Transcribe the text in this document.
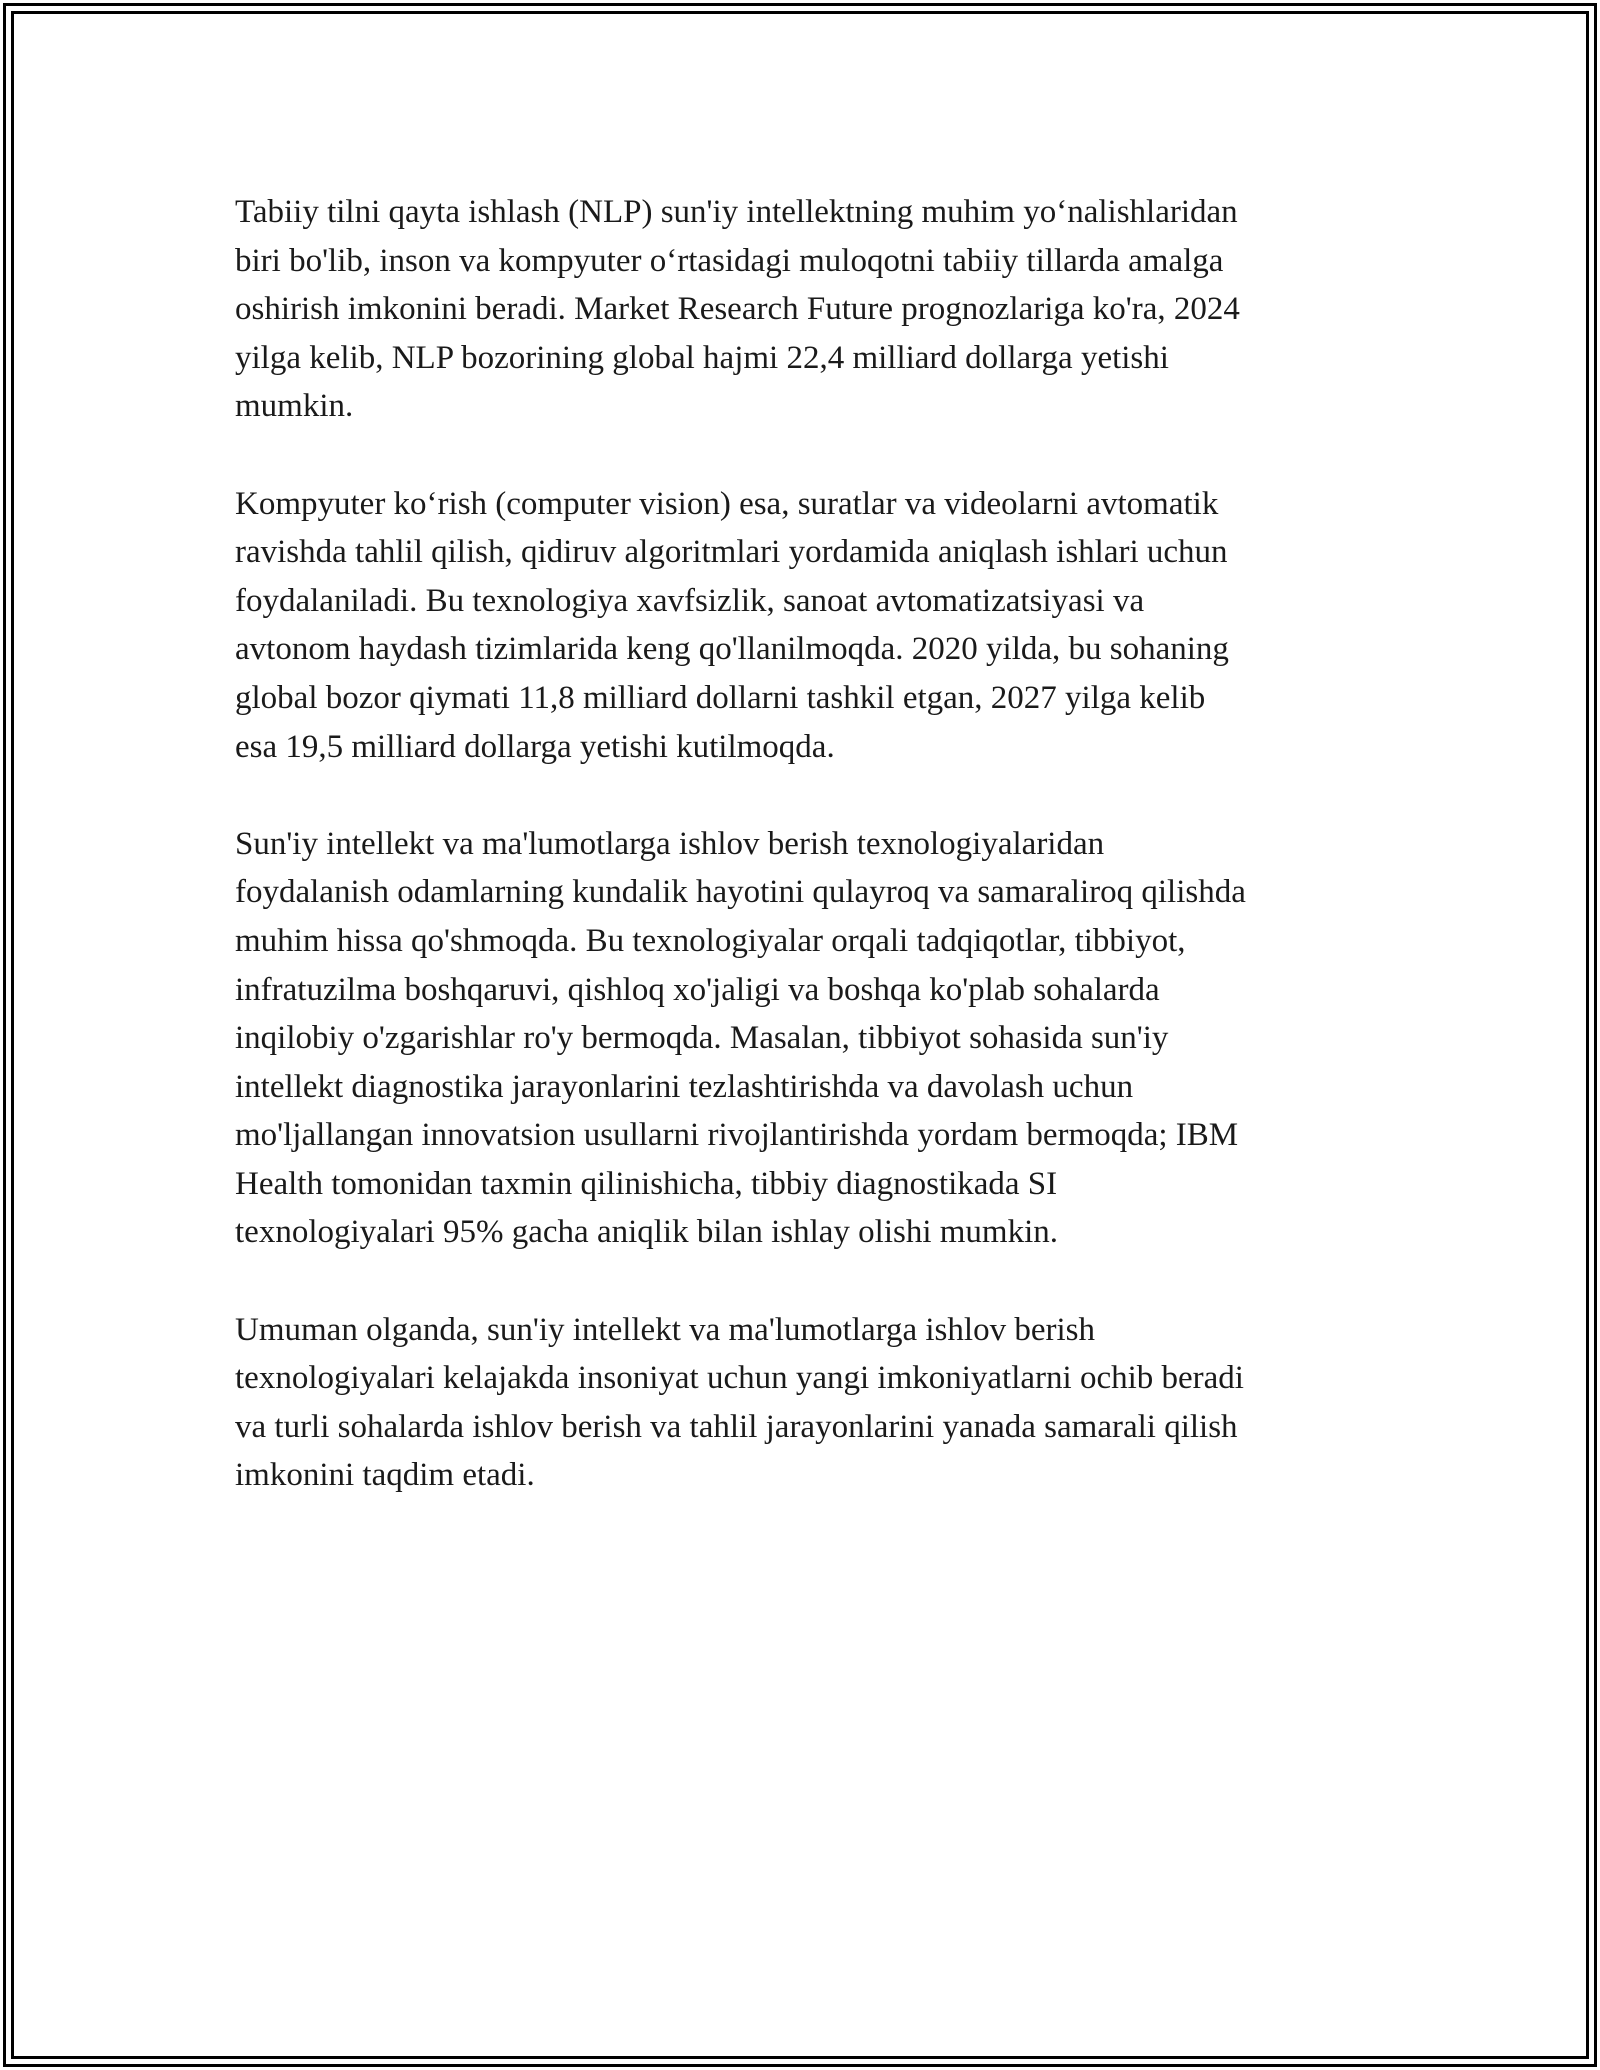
Tabiiy tilni qayta ishlash (NLP) sun'iy intellektning muhim yoʻnalishlaridan
biri bo'lib, inson va kompyuter oʻrtasidagi muloqotni tabiiy tillarda amalga
oshirish imkonini beradi. Market Research Future prognozlariga ko'ra, 2024
yilga kelib, NLP bozorining global hajmi 22,4 milliard dollarga yetishi
mumkin.

Kompyuter koʻrish (computer vision) esa, suratlar va videolarni avtomatik
ravishda tahlil qilish, qidiruv algoritmlari yordamida aniqlash ishlari uchun
foydalaniladi. Bu texnologiya xavfsizlik, sanoat avtomatizatsiyasi va
avtonom haydash tizimlarida keng qo'llanilmoqda. 2020 yilda, bu sohaning
global bozor qiymati 11,8 milliard dollarni tashkil etgan, 2027 yilga kelib
esa 19,5 milliard dollarga yetishi kutilmoqda.

Sun'iy intellekt va ma'lumotlarga ishlov berish texnologiyalaridan
foydalanish odamlarning kundalik hayotini qulayroq va samaraliroq qilishda
muhim hissa qo'shmoqda. Bu texnologiyalar orqali tadqiqotlar, tibbiyot,
infratuzilma boshqaruvi, qishloq xo'jaligi va boshqa ko'plab sohalarda
inqilobiy o'zgarishlar ro'y bermoqda. Masalan, tibbiyot sohasida sun'iy
intellekt diagnostika jarayonlarini tezlashtirishda va davolash uchun
mo'ljallangan innovatsion usullarni rivojlantirishda yordam bermoqda; IBM
Health tomonidan taxmin qilinishicha, tibbiy diagnostikada SI
texnologiyalari 95% gacha aniqlik bilan ishlay olishi mumkin.

Umuman olganda, sun'iy intellekt va ma'lumotlarga ishlov berish
texnologiyalari kelajakda insoniyat uchun yangi imkoniyatlarni ochib beradi
va turli sohalarda ishlov berish va tahlil jarayonlarini yanada samarali qilish
imkonini taqdim etadi.
